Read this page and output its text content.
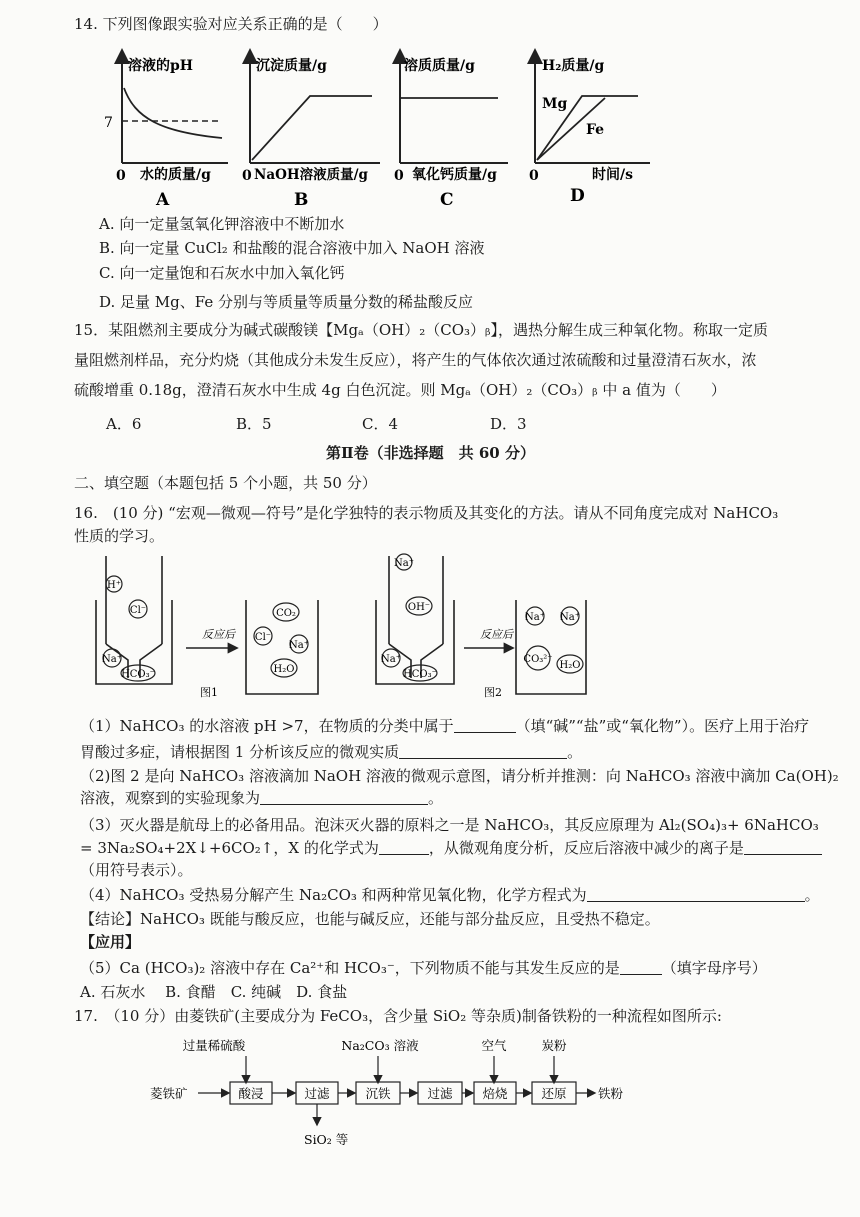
14. 下列图像跟实验对应关系正确的是（　　）
7
溶液的pH
0 水的质量/g
A
沉淀质量/g
0 NaOH溶液质量/g
B
溶质质量/g
0 氧化钙质量/g
C
Mg
Fe
H₂质量/g
0	时间/s
D
A. 向一定量氢氧化钾溶液中不断加水
B. 向一定量 CuCl₂ 和盐酸的混合溶液中加入 NaOH 溶液
C. 向一定量饱和石灰水中加入氧化钙
D. 足量 Mg、Fe 分别与等质量等质量分数的稀盐酸反应
15．某阻燃剂主要成分为碱式碳酸镁【Mgₐ（OH）₂（CO₃）ᵦ】，遇热分解生成三种氧化物。称取一定质
量阻燃剂样品，充分灼烧（其他成分未发生反应），将产生的气体依次通过浓硫酸和过量澄清石灰水，浓
硫酸增重 0.18g，澄清石灰水中生成 4g 白色沉淀。则 Mgₐ（OH）₂（CO₃）ᵦ 中 a 值为（　　）
A．6	B．5	C．4	D．3
第Ⅱ卷（非选择题　共 60 分）
二、填空题（本题包括 5 个小题，共 50 分）
16.　(10 分) “宏观—微观—符号”是化学独特的表示物质及其变化的方法。请从不同角度完成对 NaHCO₃
性质的学习。
H⁺
Cl⁻
Na⁺
HCO₃⁻
反应后
CO₂
Cl⁻
Na⁺
H₂O
图1
Na⁺
OH⁻
Na⁺
HCO₃⁻
反应后
Na⁺ Na⁺
CO₃²⁻
H₂O
图2
（1）NaHCO₃ 的水溶液 pH >7，在物质的分类中属于	（填“碱”“盐”或“氧化物”）。医疗上用于治疗
胃酸过多症，请根据图 1 分析该反应的微观实质	。
（2)图 2 是向 NaHCO₃ 溶液滴加 NaOH 溶液的微观示意图，请分析并推测：向 NaHCO₃ 溶液中滴加 Ca(OH)₂
溶液，观察到的实验现象为	。
（3）灭火器是航母上的必备用品。泡沫灭火器的原料之一是 NaHCO₃，其反应原理为 Al₂(SO₄)₃+ 6NaHCO₃
= 3Na₂SO₄+2X↓+6CO₂↑，X 的化学式为	，从微观角度分析，反应后溶液中减少的离子是
（用符号表示）。
（4）NaHCO₃ 受热易分解产生 Na₂CO₃ 和两种常见氧化物，化学方程式为	。
【结论】NaHCO₃ 既能与酸反应，也能与碱反应，还能与部分盐反应，且受热不稳定。
【应用】
（5）Ca (HCO₃)₂ 溶液中存在 Ca²⁺和 HCO₃⁻，下列物质不能与其发生反应的是	（填字母序号）
A. 石灰水　 B. 食醋　C. 纯碱　D. 食盐
17.　（10 分）由菱铁矿(主要成分为 FeCO₃，含少量 SiO₂ 等杂质)制备铁粉的一种流程如图所示:
过量稀硫酸	Na₂CO₃ 溶液	空气	炭粉
菱铁矿	酸浸	过滤
SiO₂ 等
沉铁	过滤 焙烧	还原	铁粉
